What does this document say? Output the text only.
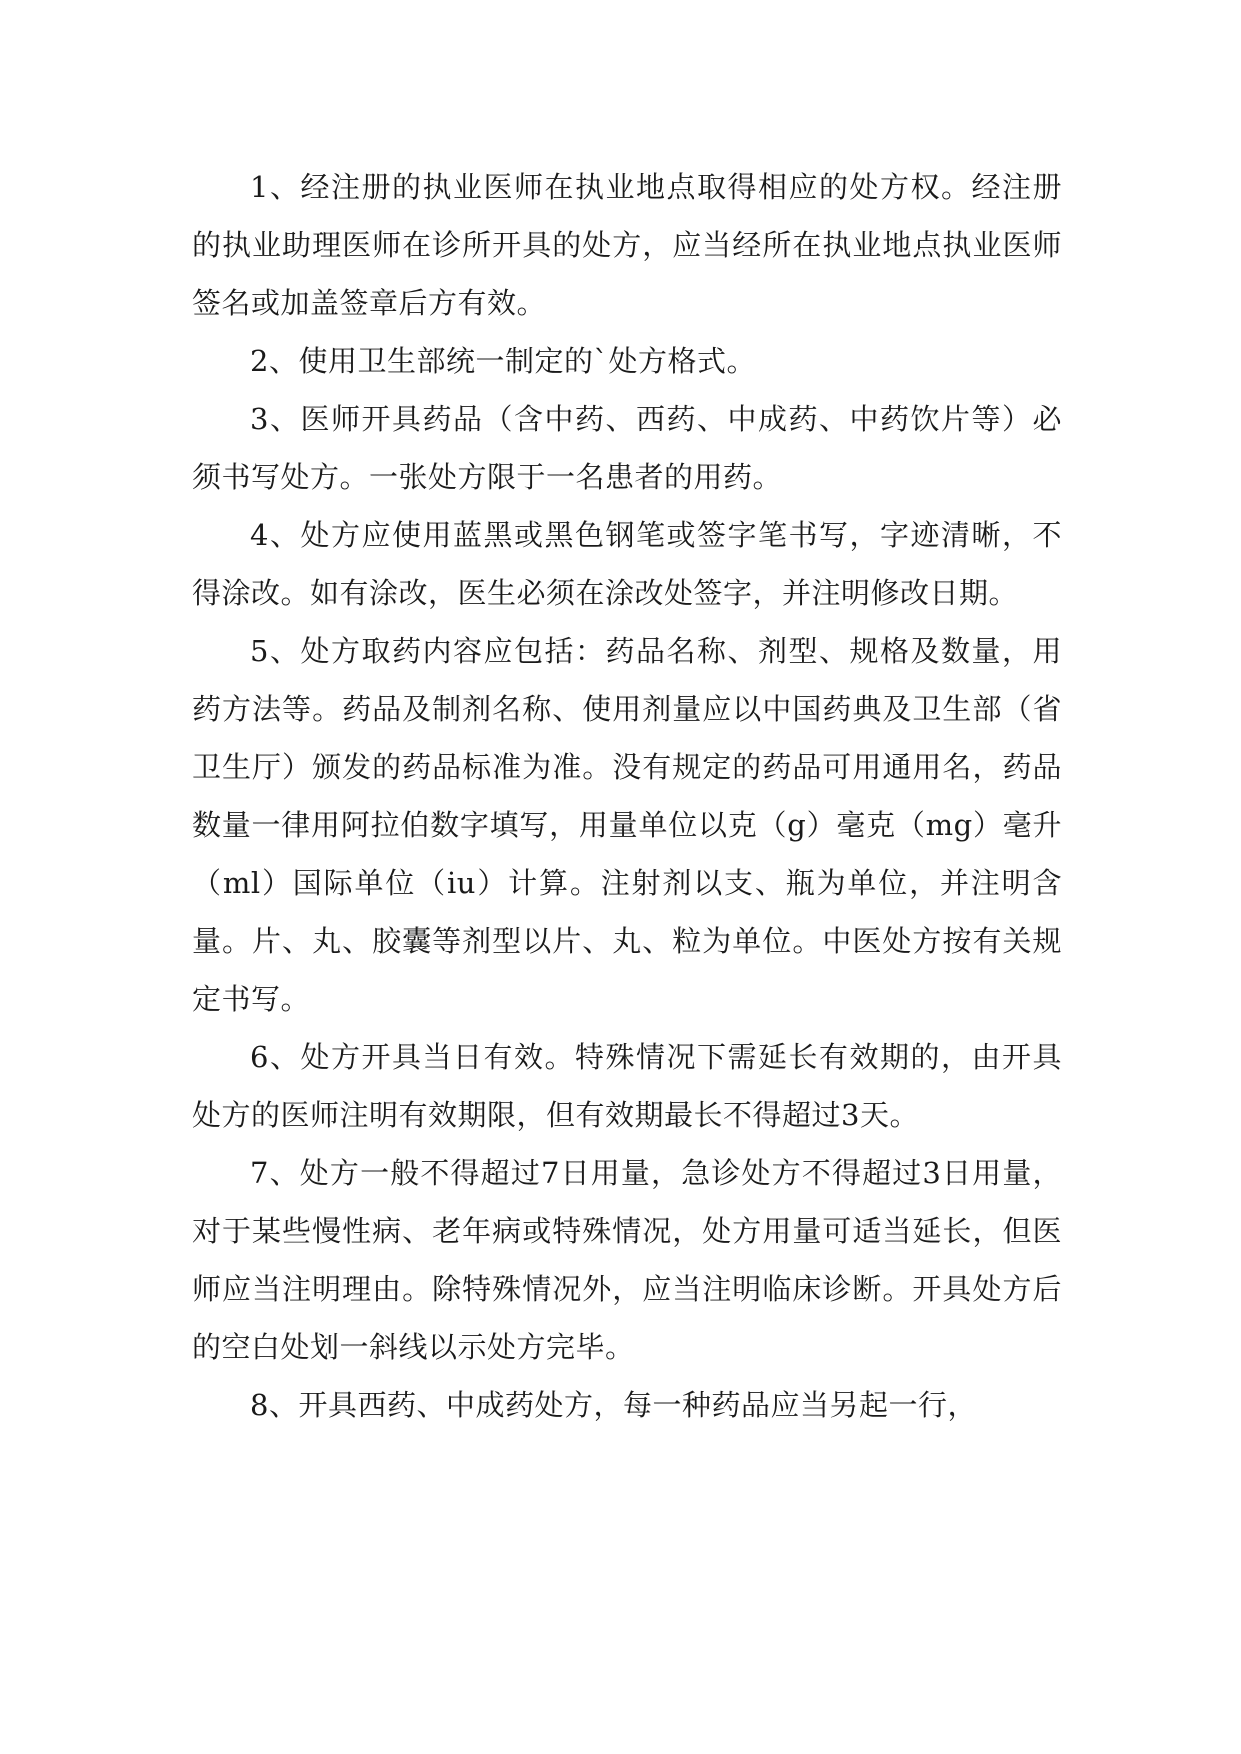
1、经注册的执业医师在执业地点取得相应的处方权。经注册的执业助理医师在诊所开具的处方，应当经所在执业地点执业医师签名或加盖签章后方有效。

2、使用卫生部统一制定的`处方格式。

3、医师开具药品（含中药、西药、中成药、中药饮片等）必须书写处方。一张处方限于一名患者的用药。

4、处方应使用蓝黑或黑色钢笔或签字笔书写，字迹清晰，不得涂改。如有涂改，医生必须在涂改处签字，并注明修改日期。

5、处方取药内容应包括：药品名称、剂型、规格及数量，用药方法等。药品及制剂名称、使用剂量应以中国药典及卫生部（省卫生厅）颁发的药品标准为准。没有规定的药品可用通用名，药品数量一律用阿拉伯数字填写，用量单位以克（g）毫克（mg）毫升（ml）国际单位（iu）计算。注射剂以支、瓶为单位，并注明含量。片、丸、胶囊等剂型以片、丸、粒为单位。中医处方按有关规定书写。

6、处方开具当日有效。特殊情况下需延长有效期的，由开具处方的医师注明有效期限，但有效期最长不得超过3天。

7、处方一般不得超过7日用量，急诊处方不得超过3日用量，对于某些慢性病、老年病或特殊情况，处方用量可适当延长，但医师应当注明理由。除特殊情况外，应当注明临床诊断。开具处方后的空白处划一斜线以示处方完毕。

8、开具西药、中成药处方，每一种药品应当另起一行，
